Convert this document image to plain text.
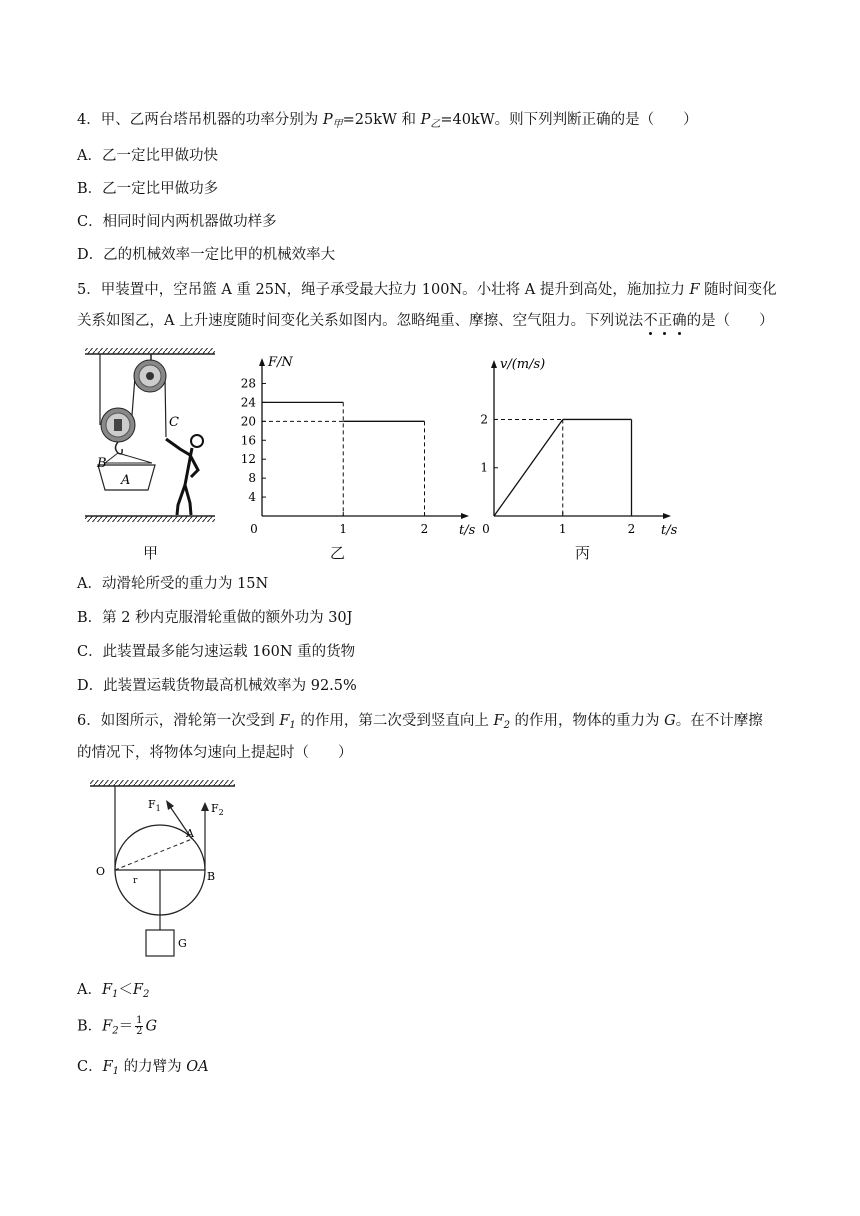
4．甲、乙两台塔吊机器的功率分别为 $P_甲=25kW$ 和 $P_乙=40kW$。则下列判断正确的是（　　）
A．乙一定比甲做功快
B．乙一定比甲做功多
C．相同时间内两机器做功样多
D．乙的机械效率一定比甲的机械效率大
5．甲装置中，空吊篮 A 重 25N，绳子承受最大拉力 100N。小壮将 A 提升到高处，施加拉力 F 随时间变化
关系如图乙，A 上升速度随时间变化关系如图内。忽略绳重、摩擦、空气阻力。下列说法不正确的是（　　）
B
A
C
甲
F/N
t/s
4
8
12
16
20
24
28
0	1	2
乙
v/(m/s)
t/s
1
2
0	1	2
丙
A．动滑轮所受的重力为 15N
B．第 2 秒内克服滑轮重做的额外功为 30J
C．此装置最多能匀速运载 160N 重的货物
D．此装置运载货物最高机械效率为 92.5%
6．如图所示，滑轮第一次受到 $F_1$ 的作用，第二次受到竖直向上 $F_2$ 的作用，物体的重力为 G。在不计摩擦
的情况下，将物体匀速向上提起时（　　）
$F_1$	$F_2$
A
O	B
r
G
A．$F_1<F_2$
B．$F_2= \frac{1}{2}$ G
C．$F_1$ 的力臂为 OA
